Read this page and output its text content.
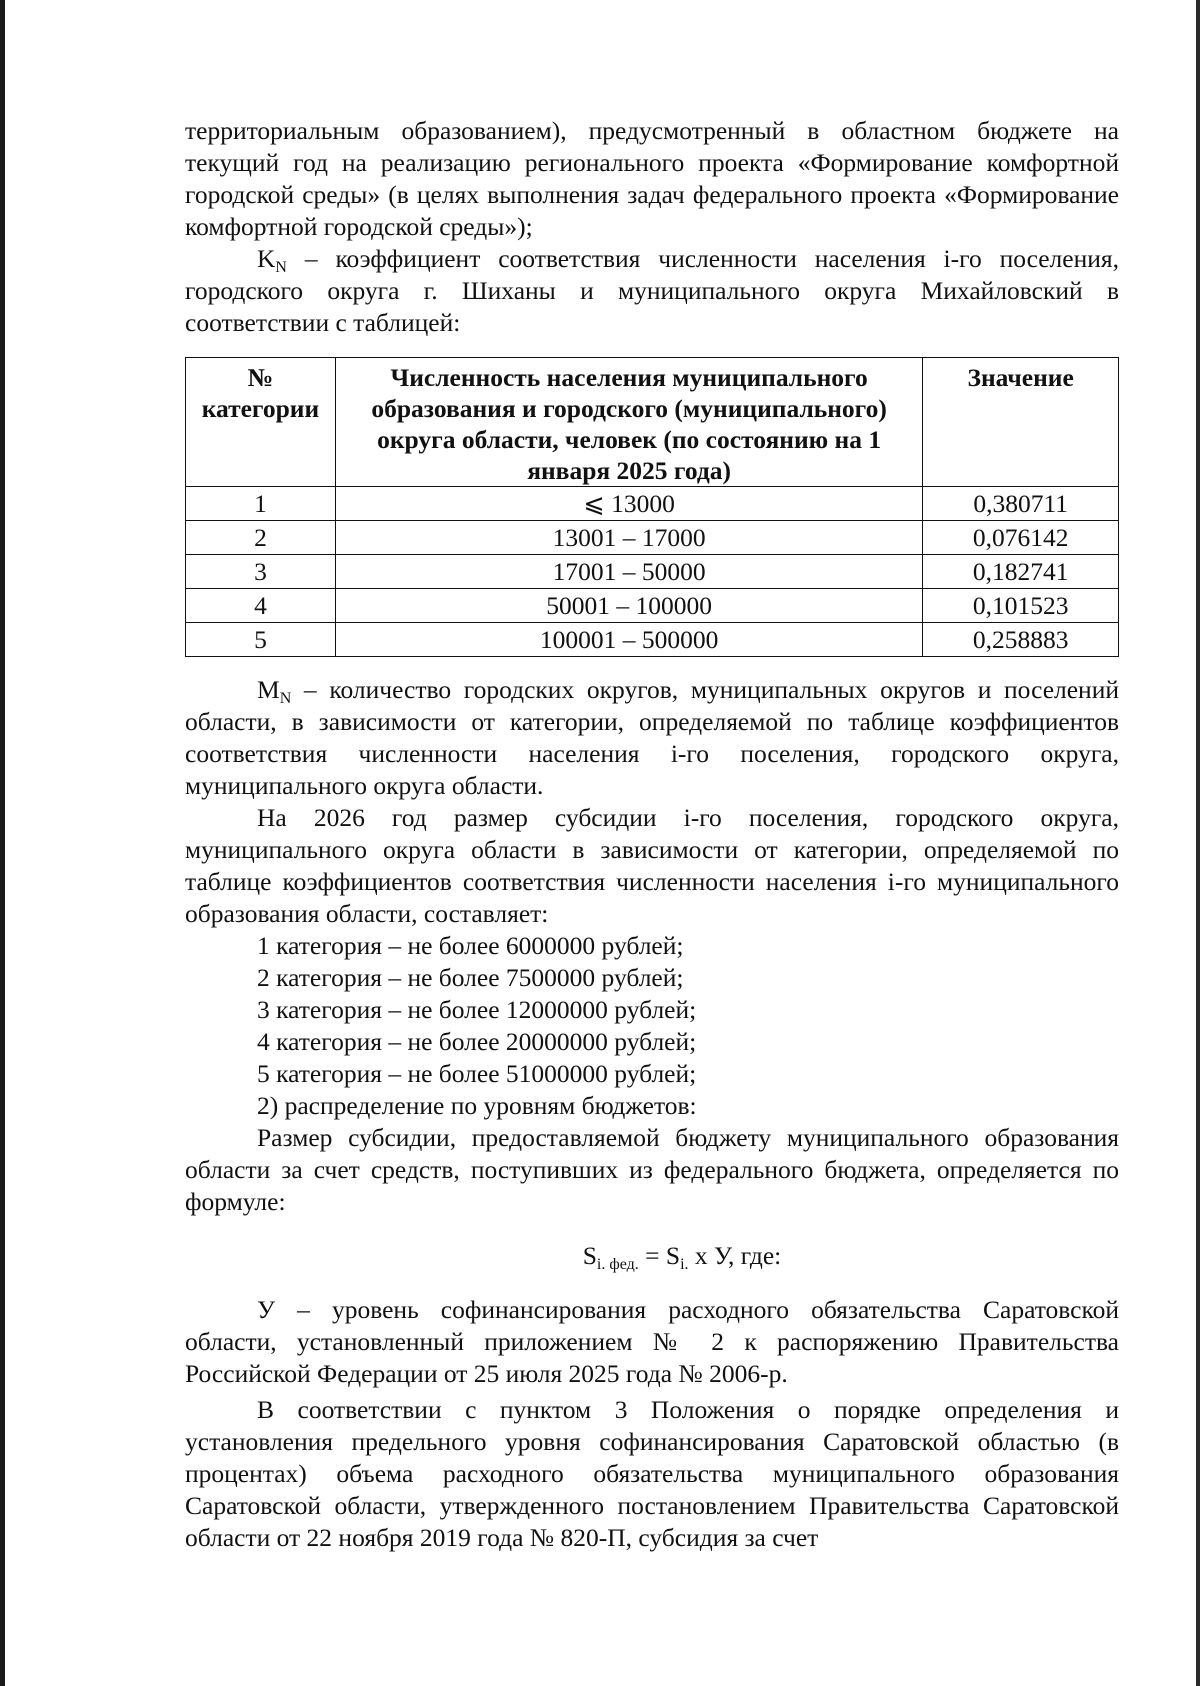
территориальным образованием), предусмотренный в областном бюджете на текущий год на реализацию регионального проекта «Формирование комфортной городской среды» (в целях выполнения задач федерального проекта «Формирование комфортной городской среды»);

$K_N$ – коэффициент соответствия численности населения i-го поселения, городского округа г. Шиханы и муниципального округа Михайловский в соответствии с таблицей:

№ категории	Численность населения муниципального образования и городского (муниципального) округа области, человек (по состоянию на 1 января 2025 года)	Значение
1	⩽ 13000	0,380711
2	13001 – 17000	0,076142
3	17001 – 50000	0,182741
4	50001 – 100000	0,101523
5	100001 – 500000	0,258883

$M_N$ – количество городских округов, муниципальных округов и поселений области, в зависимости от категории, определяемой по таблице коэффициентов соответствия численности населения i-го поселения, городского округа, муниципального округа области.

На 2026 год размер субсидии i-го поселения, городского округа, муниципального округа области в зависимости от категории, определяемой по таблице коэффициентов соответствия численности населения i-го муниципального образования области, составляет:

1 категория – не более 6000000 рублей;

2 категория – не более 7500000 рублей;

3 категория – не более 12000000 рублей;

4 категория – не более 20000000 рублей;

5 категория – не более 51000000 рублей;

2) распределение по уровням бюджетов:

Размер субсидии, предоставляемой бюджету муниципального образования области за счет средств, поступивших из федерального бюджета, определяется по формуле:

$S_{i. фед.} = S_{i.}$ x У, где:

У – уровень софинансирования расходного обязательства Саратовской области, установленный приложением № 2 к распоряжению Правительства Российской Федерации от 25 июля 2025 года № 2006-р.

В соответствии с пунктом 3 Положения о порядке определения и установления предельного уровня софинансирования Саратовской областью (в процентах) объема расходного обязательства муниципального образования Саратовской области, утвержденного постановлением Правительства Саратовской области от 22 ноября 2019 года № 820-П, субсидия за счет
